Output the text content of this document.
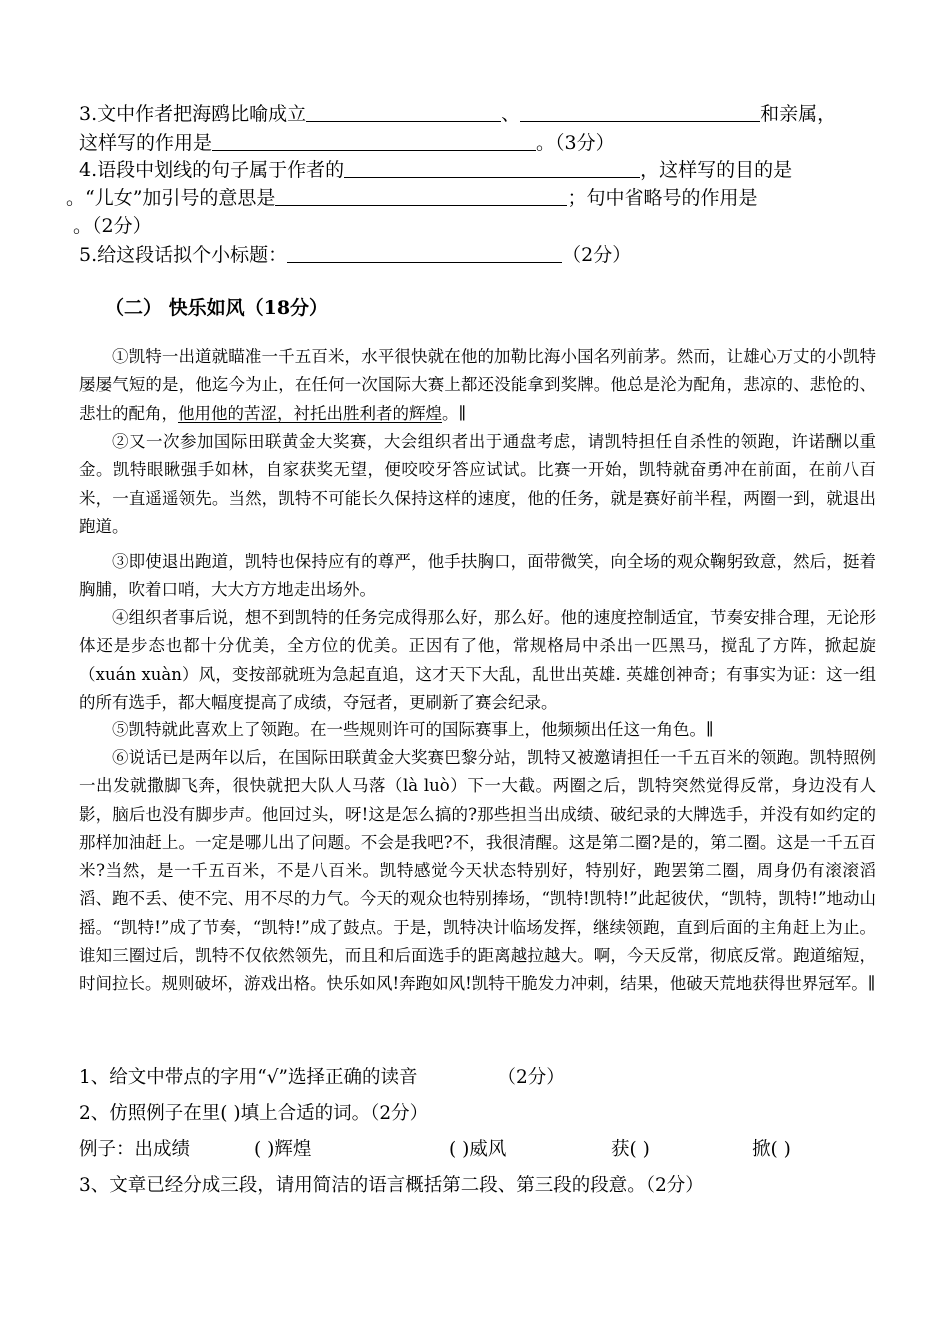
3.文中作者把海鸥比喻成立	、	和亲属，
这样写的作用是	。（3分）
4.语段中划线的句子属于作者的	，这样写的目的是
。“儿女”加引号的意思是	；句中省略号的作用是
。（2分）
5.给这段话拟个小标题：	（2分）
（二） 快乐如风（18分）
①凯特一出道就瞄准一千五百米，水平很快就在他的加勒比海小国名列前茅。然而，让雄心万丈的小凯特屡屡气短的是，他迄今为止，在任何一次国际大赛上都还没能拿到奖牌。他总是沦为配角，悲凉的、悲怆的、悲壮的配角，他用他的苦涩，衬托出胜利者的辉煌。∥
②又一次参加国际田联黄金大奖赛，大会组织者出于通盘考虑，请凯特担任自杀性的领跑，许诺酬以重金。凯特眼瞅强手如林，自家获奖无望，便咬咬牙答应试试。比赛一开始，凯特就奋勇冲在前面，在前八百米，一直遥遥领先。当然，凯特不可能长久保持这样的速度，他的任务，就是赛好前半程，两圈一到，就退出跑道。
③即使退出跑道，凯特也保持应有的尊严，他手扶胸口，面带微笑，向全场的观众鞠躬致意，然后，挺着胸脯，吹着口哨，大大方方地走出场外。
④组织者事后说，想不到凯特的任务完成得那么好，那么好。他的速度控制适宜，节奏安排合理，无论形体还是步态也都十分优美，全方位的优美。正因有了他，常规格局中杀出一匹黑马，搅乱了方阵，掀起旋（xuán xuàn）风，变按部就班为急起直追，这才天下大乱，乱世出英雄. 英雄创神奇；有事实为证：这一组的所有选手，都大幅度提高了成绩，夺冠者，更刷新了赛会纪录。
⑤凯特就此喜欢上了领跑。在一些规则许可的国际赛事上，他频频出任这一角色。∥
⑥说话已是两年以后，在国际田联黄金大奖赛巴黎分站，凯特又被邀请担任一千五百米的领跑。凯特照例一出发就撒脚飞奔，很快就把大队人马落（là luò）下一大截。两圈之后，凯特突然觉得反常，身边没有人影，脑后也没有脚步声。他回过头，呀!这是怎么搞的?那些担当出成绩、破纪录的大牌选手，并没有如约定的那样加油赶上。一定是哪儿出了问题。不会是我吧?不，我很清醒。这是第二圈?是的，第二圈。这是一千五百米?当然，是一千五百米，不是八百米。凯特感觉今天状态特别好，特别好，跑罢第二圈，周身仍有滚滚滔滔、跑不丢、使不完、用不尽的力气。今天的观众也特别捧场，“凯特!凯特!”此起彼伏，“凯特，凯特!”地动山摇。“凯特!”成了节奏，“凯特!”成了鼓点。于是，凯特决计临场发挥，继续领跑，直到后面的主角赶上为止。谁知三圈过后，凯特不仅依然领先，而且和后面选手的距离越拉越大。啊，今天反常，彻底反常。跑道缩短，时间拉长。规则破坏，游戏出格。快乐如风!奔跑如风!凯特干脆发力冲刺，结果，他破天荒地获得世界冠军。∥
1、给文中带点的字用“√”选择正确的读音	（2分）
2、仿照例子在里( )填上合适的词。（2分）
例子：出成绩	( )辉煌	( )威风	获( )	掀( )
3、文章已经分成三段，请用简洁的语言概括第二段、第三段的段意。（2分）
